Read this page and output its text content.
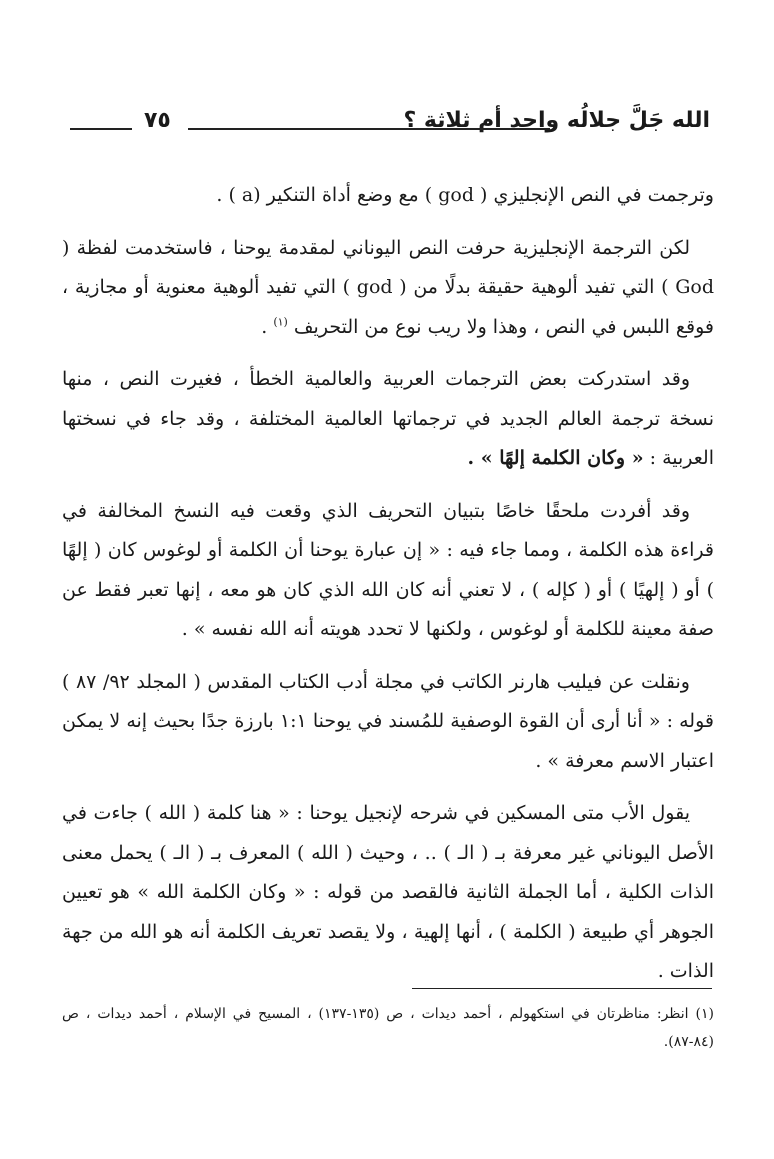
الله جَلَّ جلالُه واحد أم ثلاثة ؟
٧٥

وترجمت في النص الإنجليزي ( god ) مع وضع أداة التنكير (a ) .

لكن الترجمة الإنجليزية حرفت النص اليوناني لمقدمة يوحنا ، فاستخدمت لفظة ( God ) التي تفيد ألوهية حقيقة بدلًا من ( god ) التي تفيد ألوهية معنوية أو مجازية ، فوقع اللبس في النص ، وهذا ولا ريب نوع من التحريف $^{(١)}$ .

وقد استدركت بعض الترجمات العربية والعالمية الخطأ ، فغيرت النص ، منها نسخة ترجمة العالم الجديد في ترجماتها العالمية المختلفة ، وقد جاء في نسختها العربية : « وكان الكلمة إلهًا » .

وقد أفردت ملحقًا خاصًا بتبيان التحريف الذي وقعت فيه النسخ المخالفة في قراءة هذه الكلمة ، ومما جاء فيه : « إن عبارة يوحنا أن الكلمة أو لوغوس كان ( إلهًا ) أو ( إلهيًا ) أو ( كإله ) ، لا تعني أنه كان الله الذي كان هو معه ، إنها تعبر فقط عن صفة معينة للكلمة أو لوغوس ، ولكنها لا تحدد هويته أنه الله نفسه » .

ونقلت عن فيليب هارنر الكاتب في مجلة أدب الكتاب المقدس ( المجلد ٩٢/ ٨٧ ) قوله : « أنا أرى أن القوة الوصفية للمُسند في يوحنا ١:١ بارزة جدًا بحيث إنه لا يمكن اعتبار الاسم معرفة » .

يقول الأب متى المسكين في شرحه لإنجيل يوحنا : « هنا كلمة ( الله ) جاءت في الأصل اليوناني غير معرفة بـ ( الـ ) .. ، وحيث ( الله ) المعرف بـ ( الـ ) يحمل معنى الذات الكلية ، أما الجملة الثانية فالقصد من قوله : « وكان الكلمة الله » هو تعيين الجوهر أي طبيعة ( الكلمة ) ، أنها إلهية ، ولا يقصد تعريف الكلمة أنه هو الله من جهة الذات .

(١) انظر: مناظرتان في استكهولم ، أحمد ديدات ، ص (١٣٥-١٣٧) ، المسيح في الإسلام ، أحمد ديدات ، ص (٨٤-٨٧).
